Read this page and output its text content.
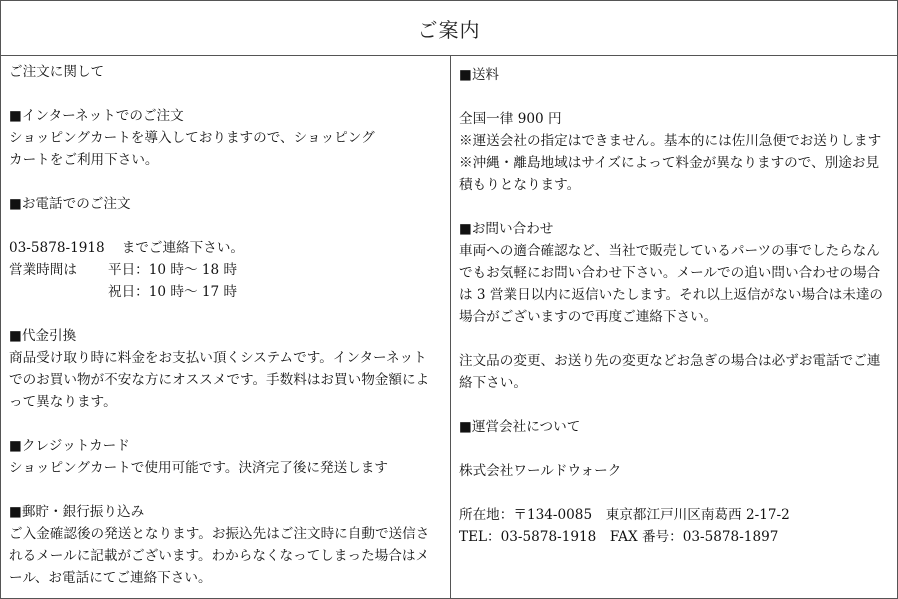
ご案内
ご注文に関して
■インターネットでのご注文
ショッピングカートを導入しておりますので、ショッピング
カートをご利用下さい。
■お電話でのご注文
03-5878-1918 までご連絡下さい。
営業時間は 平日：10 時～ 18 時
祝日：10 時～ 17 時
■代金引換
商品受け取り時に料金をお支払い頂くシステムです。インターネット
でのお買い物が不安な方にオススメです。手数料はお買い物金額によ
って異なります。
■クレジットカード
ショッピングカートで使用可能です。決済完了後に発送します
■郵貯・銀行振り込み
ご入金確認後の発送となります。お振込先はご注文時に自動で送信さ
れるメールに記載がございます。わからなくなってしまった場合はメ
ール、お電話にてご連絡下さい。
■送料
全国一律 900 円
※運送会社の指定はできません。基本的には佐川急便でお送りします
※沖縄・離島地域はサイズによって料金が異なりますので、別途お見
積もりとなります。
■お問い合わせ
車両への適合確認など、当社で販売しているパーツの事でしたらなん
でもお気軽にお問い合わせ下さい。メールでの追い問い合わせの場合
は 3 営業日以内に返信いたします。それ以上返信がない場合は未達の
場合がございますので再度ご連絡下さい。
注文品の変更、お送り先の変更などお急ぎの場合は必ずお電話でご連
絡下さい。
■運営会社について
株式会社ワールドウォーク
所在地：〒134-0085　東京都江戸川区南葛西 2-17-2
TEL：03-5878-1918　FAX 番号：03-5878-1897
